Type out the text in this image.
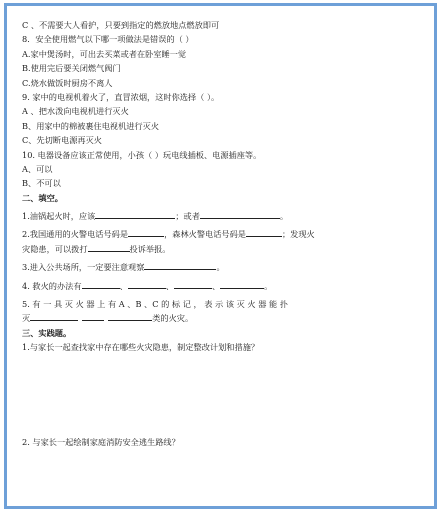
C 、不需要大人看护，只要到指定的燃放地点燃放即可
8．安全使用燃气以下哪一项做法是错误的（ ）
A.家中煲汤时，可出去买菜或者在卧室睡一觉
B.使用完后要关闭燃气阀门
C.烧水做饭时厨房不离人
9. 家中的电视机着火了，直冒浓烟，这时你选择（ ）。
A 、把水泼向电视机进行灭火
B、用家中的棉被裹住电视机进行灭火
C、先切断电源再灭火
10. 电器设备应该正常使用，小孩（ ）玩电线插板、电源插座等。
A、可以
B、不可以
二、填空。
1.油锅起火时，应该	；或者	。
2.我国通用的火警电话号码是	，森林火警电话号码是	；发现火
灾隐患，可以拨打	投诉举报。
3.进入公共场所，一定要注意观察	。
4. 救火的办法有	、	、	、	。
5. 有 一 具 灭 火 器 上 有 A 、B 、C 的 标 记 ， 表 示 该 灭 火 器 能 扑
灭	类的火灾。
三、实践题。
1.与家长一起查找家中存在哪些火灾隐患，制定整改计划和措施？
2. 与家长一起绘制家庭消防安全逃生路线？
